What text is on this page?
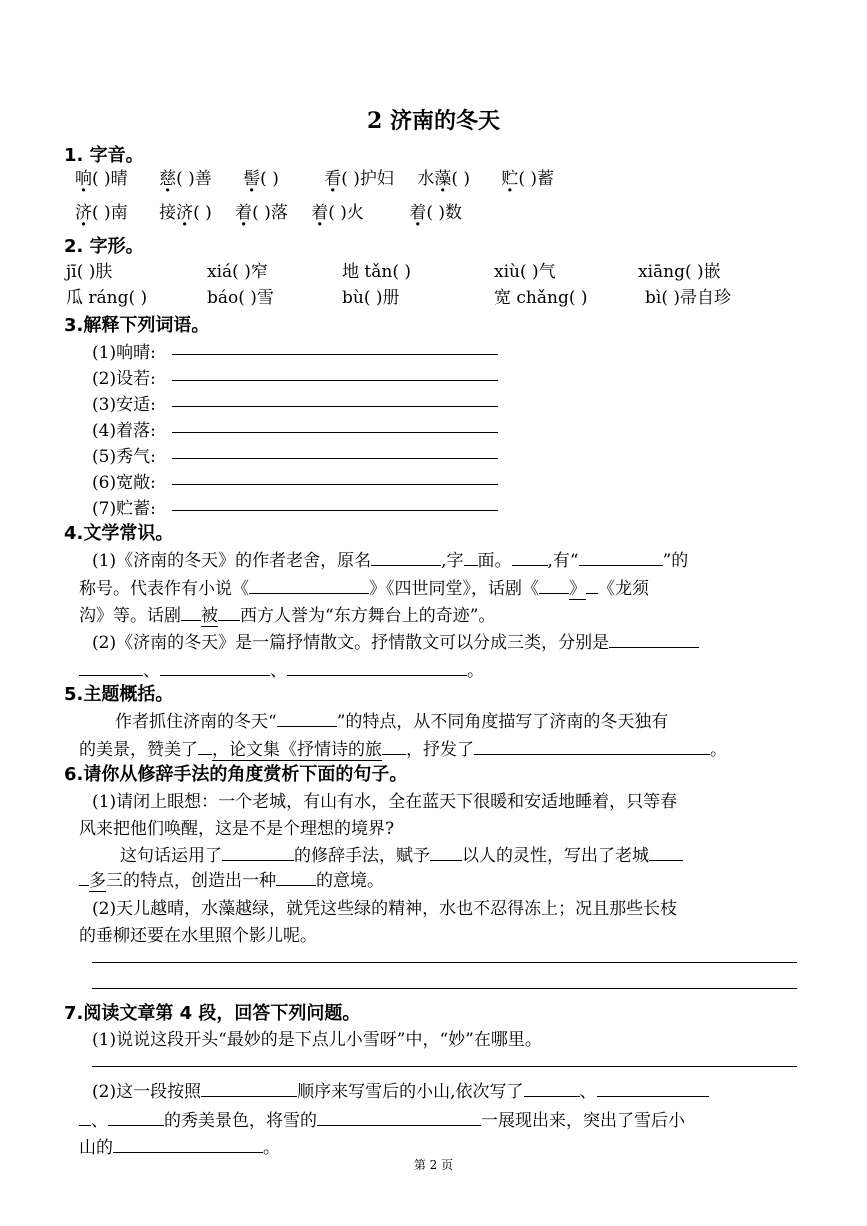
2 济南的冬天
1. 字音。
响( )晴 慈( )善 髻( )	看( )护妇 水藻( ) 贮( )蓄
济( )南 接济( ) 着( )落 着( )火	着( )数
2. 字形。
jī( )肤	xiá( )窄	地 tǎn( )	xiù( )气	xiāng( )嵌
瓜 ráng( )	báo( )雪	bù( )册	宽 chǎng( )	bì( )帚自珍
3.解释下列词语。
(1)响晴:
(2)设若:
(3)安适:
(4)着落:
(5)秀气:
(6)宽敞:
(7)贮蓄:
4.文学常识。
(1)《济南的冬天》的作者老舍，原名	,字 面。 ,有“	”的
称号。代表作有小说《	》《四世同堂》，话剧《 》 《龙须
沟》等。话剧 被 西方人誉为“东方舞台上的奇迹”。
(2)《济南的冬天》是一篇抒情散文。抒情散文可以分成三类，分别是
、	、	。
5.主题概括。
作者抓住济南的冬天“	”的特点，从不同角度描写了济南的冬天独有
的美景，赞美了 ，论文集《抒情诗的旅 ，抒发了	。
6.请你从修辞手法的角度赏析下面的句子。
(1)请闭上眼想：一个老城，有山有水，全在蓝天下很暖和安适地睡着，只等春
风来把他们唤醒，这是不是个理想的境界?
这句话运用了	的修辞手法，赋予 以人的灵性，写出了老城
多三的特点，创造出一种 的意境。
(2)天儿越晴，水藻越绿，就凭这些绿的精神，水也不忍得冻上；况且那些长枝
的垂柳还要在水里照个影儿呢。
7.阅读文章第 4 段，回答下列问题。
(1)说说这段开头“最妙的是下点儿小雪呀”中，“妙”在哪里。
(2)这一段按照	顺序来写雪后的小山,依次写了	、
、	的秀美景色，将雪的	一展现出来，突出了雪后小
山的	。
第 2 页
